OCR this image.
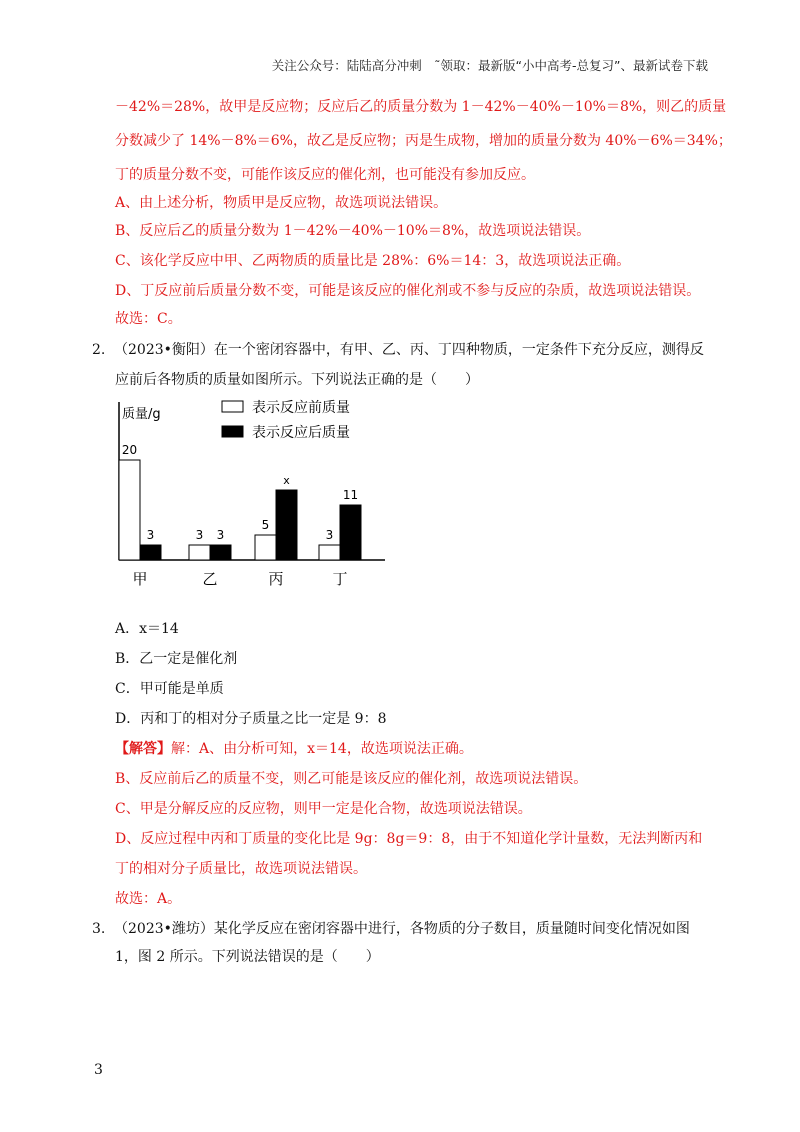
关注公众号：陆陆高分冲刺　˜领取：最新版“小中高考-总复习”、最新试卷下载
－42%＝28%，故甲是反应物；反应后乙的质量分数为 1－42%－40%－10%＝8%，则乙的质量
分数减少了 14%－8%＝6%，故乙是反应物；丙是生成物，增加的质量分数为 40%－6%＝34%；
丁的质量分数不变，可能作该反应的催化剂，也可能没有参加反应。
A、由上述分析，物质甲是反应物，故选项说法错误。
B、反应后乙的质量分数为 1－42%－40%－10%＝8%，故选项说法错误。
C、该化学反应中甲、乙两物质的质量比是 28%：6%＝14：3，故选项说法正确。
D、丁反应前后质量分数不变，可能是该反应的催化剂或不参与反应的杂质，故选项说法错误。
故选：C。
2. （2023•衡阳）在一个密闭容器中，有甲、乙、丙、丁四种物质，一定条件下充分反应，测得反
应前后各物质的质量如图所示。下列说法正确的是（　　）
质量/g	表示反应前质量
表示反应后质量
20
3	3 3
5
x
3
11
甲	乙	丙	丁
A．x＝14
B．乙一定是催化剂
C．甲可能是单质
D．丙和丁的相对分子质量之比一定是 9：8
【解答】解：A、由分析可知，x＝14，故选项说法正确。
B、反应前后乙的质量不变，则乙可能是该反应的催化剂，故选项说法错误。
C、甲是分解反应的反应物，则甲一定是化合物，故选项说法错误。
D、反应过程中丙和丁质量的变化比是 9g：8g＝9：8，由于不知道化学计量数，无法判断丙和
丁的相对分子质量比，故选项说法错误。
故选：A。
3. （2023•潍坊）某化学反应在密闭容器中进行，各物质的分子数目，质量随时间变化情况如图
1，图 2 所示。下列说法错误的是（　　）
3
